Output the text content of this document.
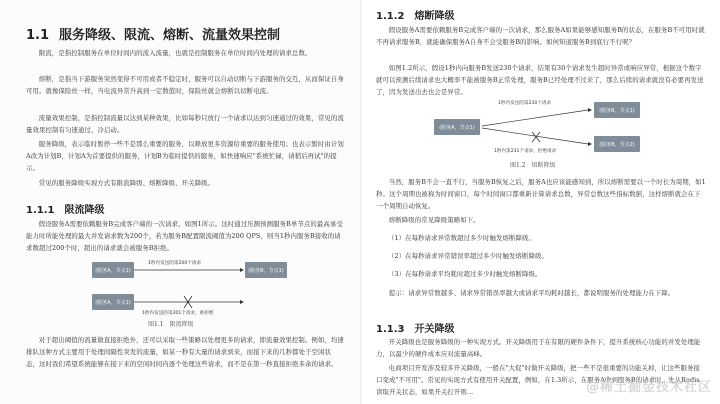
1.1 服务降级、限流、熔断、流量效果控制
限流，是指控制服务在单位时间内的流入流量，也就是控制服务在单位时间内处理的请求总数。
熔断，是指当下游服务突然变得不可用或者不稳定时，服务可以自动切断与下游服务的交互，从而保证自身可用。就像保险丝一样，当电流异常升高到一定数值时，保险丝就会熔断以切断电流。
流量效果控制，是指控制流量以达到某种效果，比如每秒只放行一个请求以达到匀速通过的效果，常见的流量效果控制有匀速通过、冷启动。
服务降级，表示临时暂停一些不是那么重要的服务，以释放更多资源给重要的服务使用；也表示暂时由计划A改为计划B，计划A为首要提供的服务，计划B为临时提供的服务，如快速响应"系统忙碌，请稍后再试"的提示。
常见的服务降级实现方式有限流降级、熔断降级、开关降级。
1.1.1 限流降级
假设服务A需要依赖服务B完成客户端的一次请求，如图1所示。这时通过压测预测服务B单节点的最高承受能力时所能处理的最大并发请求数为200个，若为服务B配置限流阈值为200 QPS，则当1秒内服务B接收的请求数超过200个时，超出的请求就会被服务B拒绝。
(服务A，节点1)
(服务A，节点1)
(服务B，节点1)
1秒内发送的第200个请求
1秒内发送的第201个请求，被拒绝
图1.1　限流降级
对于超出阈值的流量做直接拒绝外，还可以采取一些策略以处理更多的请求，即流量效果控制。例如，均速排队这种方式主要用于处理间隔性突发的流量，如某一秒有大量的请求到来，而接下来的几秒都处于空闲状态，这时我们希望系统能够在接下来的空闲时间内逐个处理这些请求，而不是在第一秒直接拒绝多余的请求。
1.1.2 熔断降级
假设服务A需要依赖服务B完成客户端的一次请求，那么服务A如果能够感知服务B的状态，在服务B不可用时就不再请求服务B，就能确保服务A自身不会受服务B的影响。如何知道服务B到底行不行呢？
如图1.2所示，假设1秒内向服务B发送230个请求，结果有30个请求发生超时异常或响应异常，根据这个数字就可以预测后续请求也大概率不能被服务B正常处理，服务B已经处理不过来了，那么后续的请求就没有必要再发送了，因为发送出去也会是异常。
(服务A，节点1)
(服务B，节点1)
(服务B，节点2)
1秒内发送的第230个请求
1秒内第231个请求，拒绝请求
图1.2　熔断降级
当然，服务B不会一直不行，当服务B恢复之后，服务A也应该能感知到，所以熔断需要以一个时长为周期，如1秒。这个周期也被称为时间窗口，每个时间窗口都重新计算请求总数，异常总数这些指标数据，这样熔断就会在下一个周期自动恢复。
熔断降级的常见降级策略如下。
（1）在每秒请求异常数超过多少时触发熔断降级。
（2）在每秒请求异常错误率超过多少时触发熔断降级。
（3）在每秒请求平均耗时超过多少时触发熔断降级。
提示：请求异常数越多、请求异常错误率越大或请求平均耗时越长，都说明服务的处理能力在下降。
1.1.3 开关降级
开关降级也是服务降级的一种实现方式。开关降级用于在有限的硬件条件下，提升系统核心功能的并发处理能力，以最少的硬件成本应对流量高峰。
电商项目开发涉及较多开关降级，一般在"大促"时做开关降级，把一些不是很重要的功能关掉，让这些服务接口变成"不可用"。常见的实现方式有使用开关配置，例如，在1.3所示，在服务A收到服务B的请求时，先从Redis读取开关状态，如果开关打开则...	@稀土掘金技术社区
